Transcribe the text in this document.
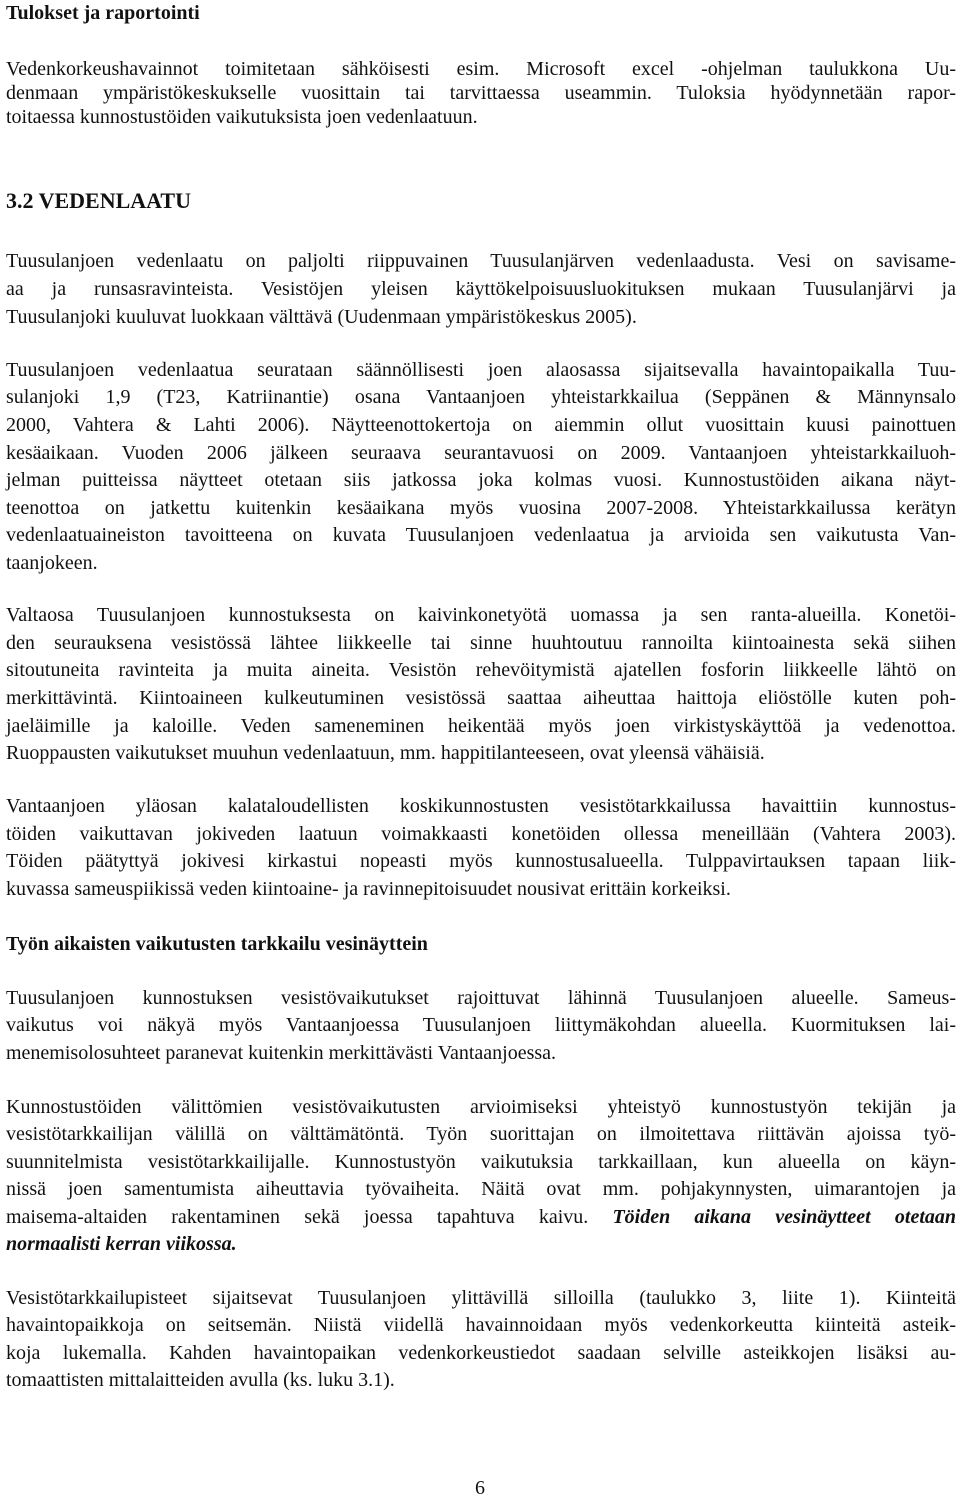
Tulokset ja raportointi
Vedenkorkeushavainnot toimitetaan sähköisesti esim. Microsoft excel -ohjelman taulukkona Uu-
denmaan ympäristökeskukselle vuosittain tai tarvittaessa useammin. Tuloksia hyödynnetään rapor-
toitaessa kunnostustöiden vaikutuksista joen vedenlaatuun.
3.2 VEDENLAATU
Tuusulanjoen vedenlaatu on paljolti riippuvainen Tuusulanjärven vedenlaadusta. Vesi on savisame-
aa ja runsasravinteista. Vesistöjen yleisen käyttökelpoisuusluokituksen mukaan Tuusulanjärvi ja
Tuusulanjoki kuuluvat luokkaan välttävä (Uudenmaan ympäristökeskus 2005).
Tuusulanjoen vedenlaatua seurataan säännöllisesti joen alaosassa sijaitsevalla havaintopaikalla Tuu-
sulanjoki 1,9 (T23, Katriinantie) osana Vantaanjoen yhteistarkkailua (Seppänen & Männynsalo
2000, Vahtera & Lahti 2006). Näytteenottokertoja on aiemmin ollut vuosittain kuusi painottuen
kesäaikaan. Vuoden 2006 jälkeen seuraava seurantavuosi on 2009. Vantaanjoen yhteistarkkailuoh-
jelman puitteissa näytteet otetaan siis jatkossa joka kolmas vuosi. Kunnostustöiden aikana näyt-
teenottoa on jatkettu kuitenkin kesäaikana myös vuosina 2007-2008. Yhteistarkkailussa kerätyn
vedenlaatuaineiston tavoitteena on kuvata Tuusulanjoen vedenlaatua ja arvioida sen vaikutusta Van-
taanjokeen.
Valtaosa Tuusulanjoen kunnostuksesta on kaivinkonetyötä uomassa ja sen ranta-alueilla. Konetöi-
den seurauksena vesistössä lähtee liikkeelle tai sinne huuhtoutuu rannoilta kiintoainesta sekä siihen
sitoutuneita ravinteita ja muita aineita. Vesistön rehevöitymistä ajatellen fosforin liikkeelle lähtö on
merkittävintä. Kiintoaineen kulkeutuminen vesistössä saattaa aiheuttaa haittoja eliöstölle kuten poh-
jaeläimille ja kaloille. Veden sameneminen heikentää myös joen virkistyskäyttöä ja vedenottoa.
Ruoppausten vaikutukset muuhun vedenlaatuun, mm. happitilanteeseen, ovat yleensä vähäisiä.
Vantaanjoen yläosan kalataloudellisten koskikunnostusten vesistötarkkailussa havaittiin kunnostus-
töiden vaikuttavan jokiveden laatuun voimakkaasti konetöiden ollessa meneillään (Vahtera 2003).
Töiden päätyttyä jokivesi kirkastui nopeasti myös kunnostusalueella. Tulppavirtauksen tapaan liik-
kuvassa sameuspiikissä veden kiintoaine- ja ravinnepitoisuudet nousivat erittäin korkeiksi.
Työn aikaisten vaikutusten tarkkailu vesinäyttein
Tuusulanjoen kunnostuksen vesistövaikutukset rajoittuvat lähinnä Tuusulanjoen alueelle. Sameus-
vaikutus voi näkyä myös Vantaanjoessa Tuusulanjoen liittymäkohdan alueella. Kuormituksen lai-
menemisolosuhteet paranevat kuitenkin merkittävästi Vantaanjoessa.
Kunnostustöiden välittömien vesistövaikutusten arvioimiseksi yhteistyö kunnostustyön tekijän ja
vesistötarkkailijan välillä on välttämätöntä. Työn suorittajan on ilmoitettava riittävän ajoissa työ-
suunnitelmista vesistötarkkailijalle. Kunnostustyön vaikutuksia tarkkaillaan, kun alueella on käyn-
nissä joen samentumista aiheuttavia työvaiheita. Näitä ovat mm. pohjakynnysten, uimarantojen ja
maisema-altaiden rakentaminen sekä joessa tapahtuva kaivu. Töiden aikana vesinäytteet otetaan
normaalisti kerran viikossa.
Vesistötarkkailupisteet sijaitsevat Tuusulanjoen ylittävillä silloilla (taulukko 3, liite 1). Kiinteitä
havaintopaikkoja on seitsemän. Niistä viidellä havainnoidaan myös vedenkorkeutta kiinteitä asteik-
koja lukemalla. Kahden havaintopaikan vedenkorkeustiedot saadaan selville asteikkojen lisäksi au-
tomaattisten mittalaitteiden avulla (ks. luku 3.1).
6
